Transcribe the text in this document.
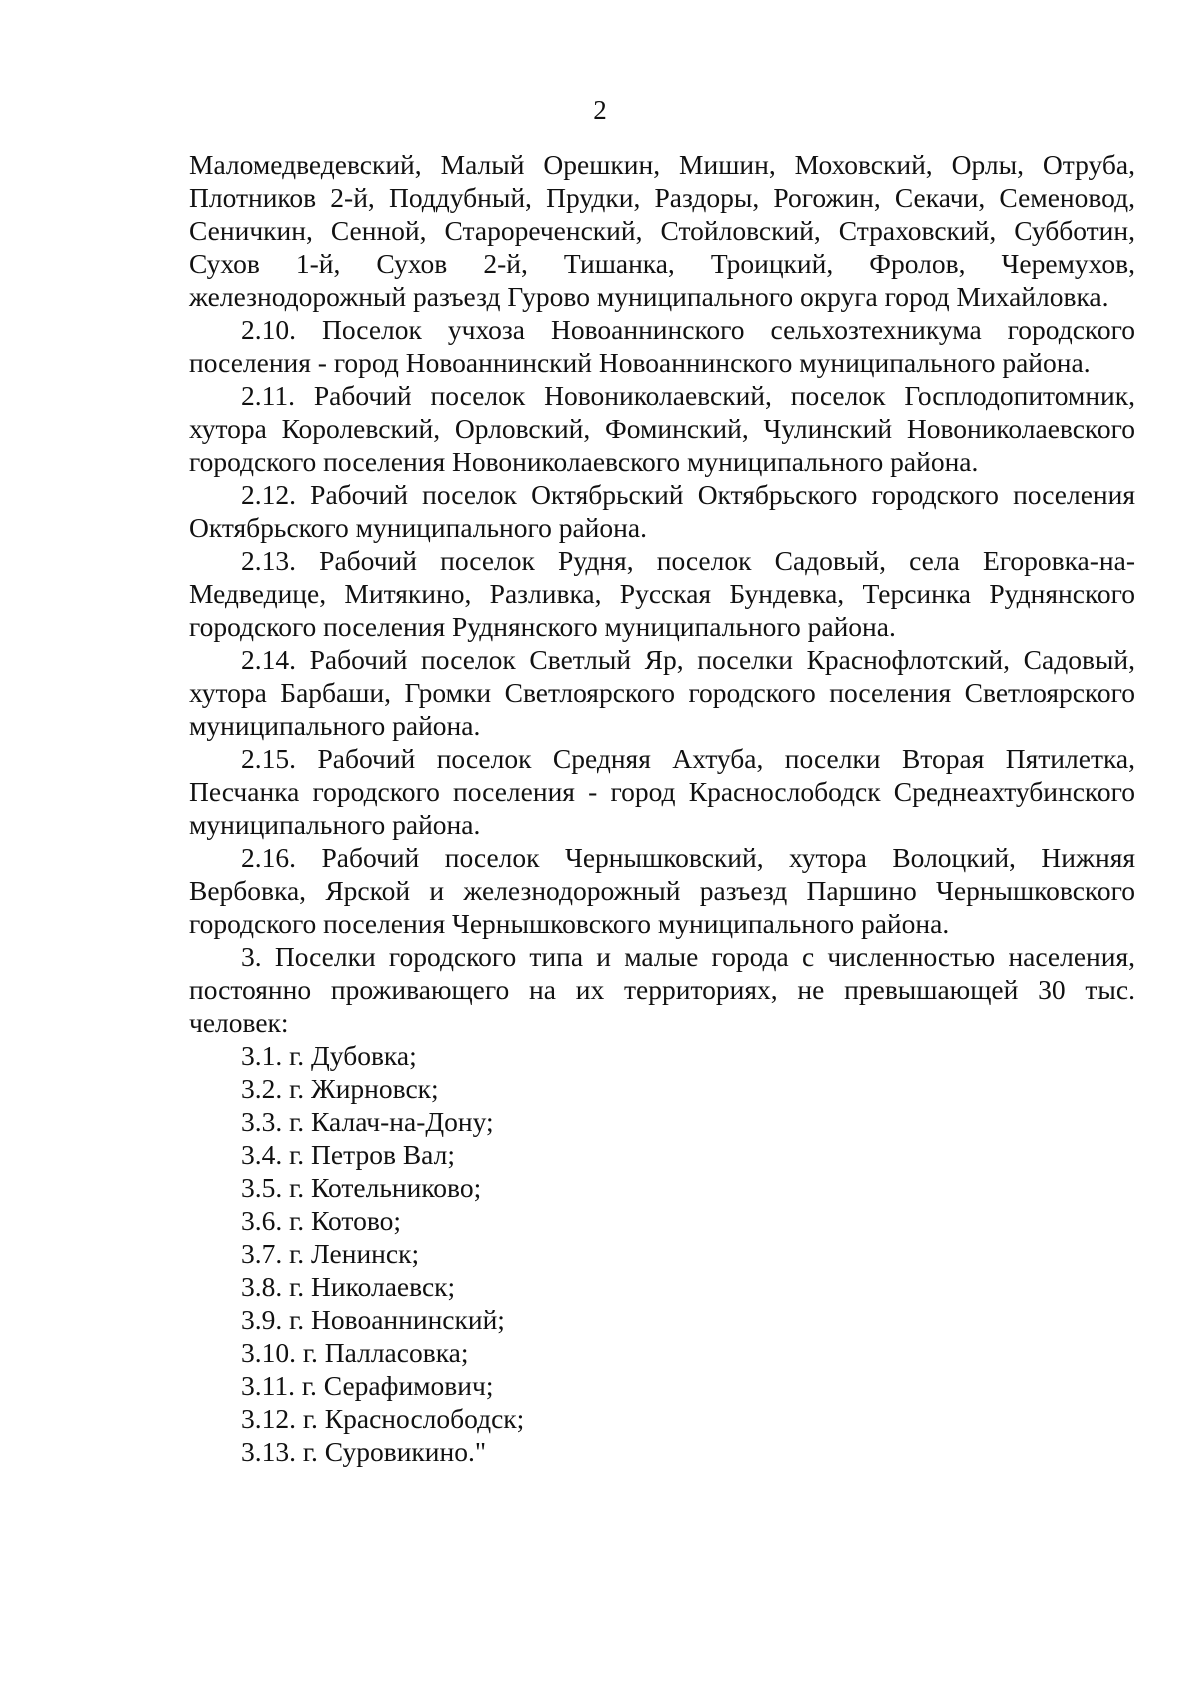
2

Маломедведевский, Малый Орешкин, Мишин, Моховский, Орлы, Отруба, Плотников 2-й, Поддубный, Прудки, Раздоры, Рогожин, Секачи, Семеновод, Сеничкин, Сенной, Старореченский, Стойловский, Страховский, Субботин, Сухов 1-й, Сухов 2-й, Тишанка, Троицкий, Фролов, Черемухов, железнодорожный разъезд Гурово муниципального округа город Михайловка.

2.10. Поселок учхоза Новоаннинского сельхозтехникума городского поселения - город Новоаннинский Новоаннинского муниципального района.

2.11. Рабочий поселок Новониколаевский, поселок Госплодопитомник, хутора Королевский, Орловский, Фоминский, Чулинский Новониколаевского городского поселения Новониколаевского муниципального района.

2.12. Рабочий поселок Октябрьский Октябрьского городского поселения Октябрьского муниципального района.

2.13. Рабочий поселок Рудня, поселок Садовый, села Егоровка-на-Медведице, Митякино, Разливка, Русская Бундевка, Терсинка Руднянского городского поселения Руднянского муниципального района.

2.14. Рабочий поселок Светлый Яр, поселки Краснофлотский, Садовый, хутора Барбаши, Громки Светлоярского городского поселения Светлоярского муниципального района.

2.15. Рабочий поселок Средняя Ахтуба, поселки Вторая Пятилетка, Песчанка городского поселения - город Краснослободск Среднеахтубинского муниципального района.

2.16. Рабочий поселок Чернышковский, хутора Волоцкий, Нижняя Вербовка, Ярской и железнодорожный разъезд Паршино Чернышковского городского поселения Чернышковского муниципального района.

3. Поселки городского типа и малые города с численностью населения, постоянно проживающего на их территориях, не превышающей 30 тыс. человек:

3.1. г. Дубовка;
3.2. г. Жирновск;
3.3. г. Калач-на-Дону;
3.4. г. Петров Вал;
3.5. г. Котельниково;
3.6. г. Котово;
3.7. г. Ленинск;
3.8. г. Николаевск;
3.9. г. Новоаннинский;
3.10. г. Палласовка;
3.11. г. Серафимович;
3.12. г. Краснослободск;
3.13. г. Суровикино."
